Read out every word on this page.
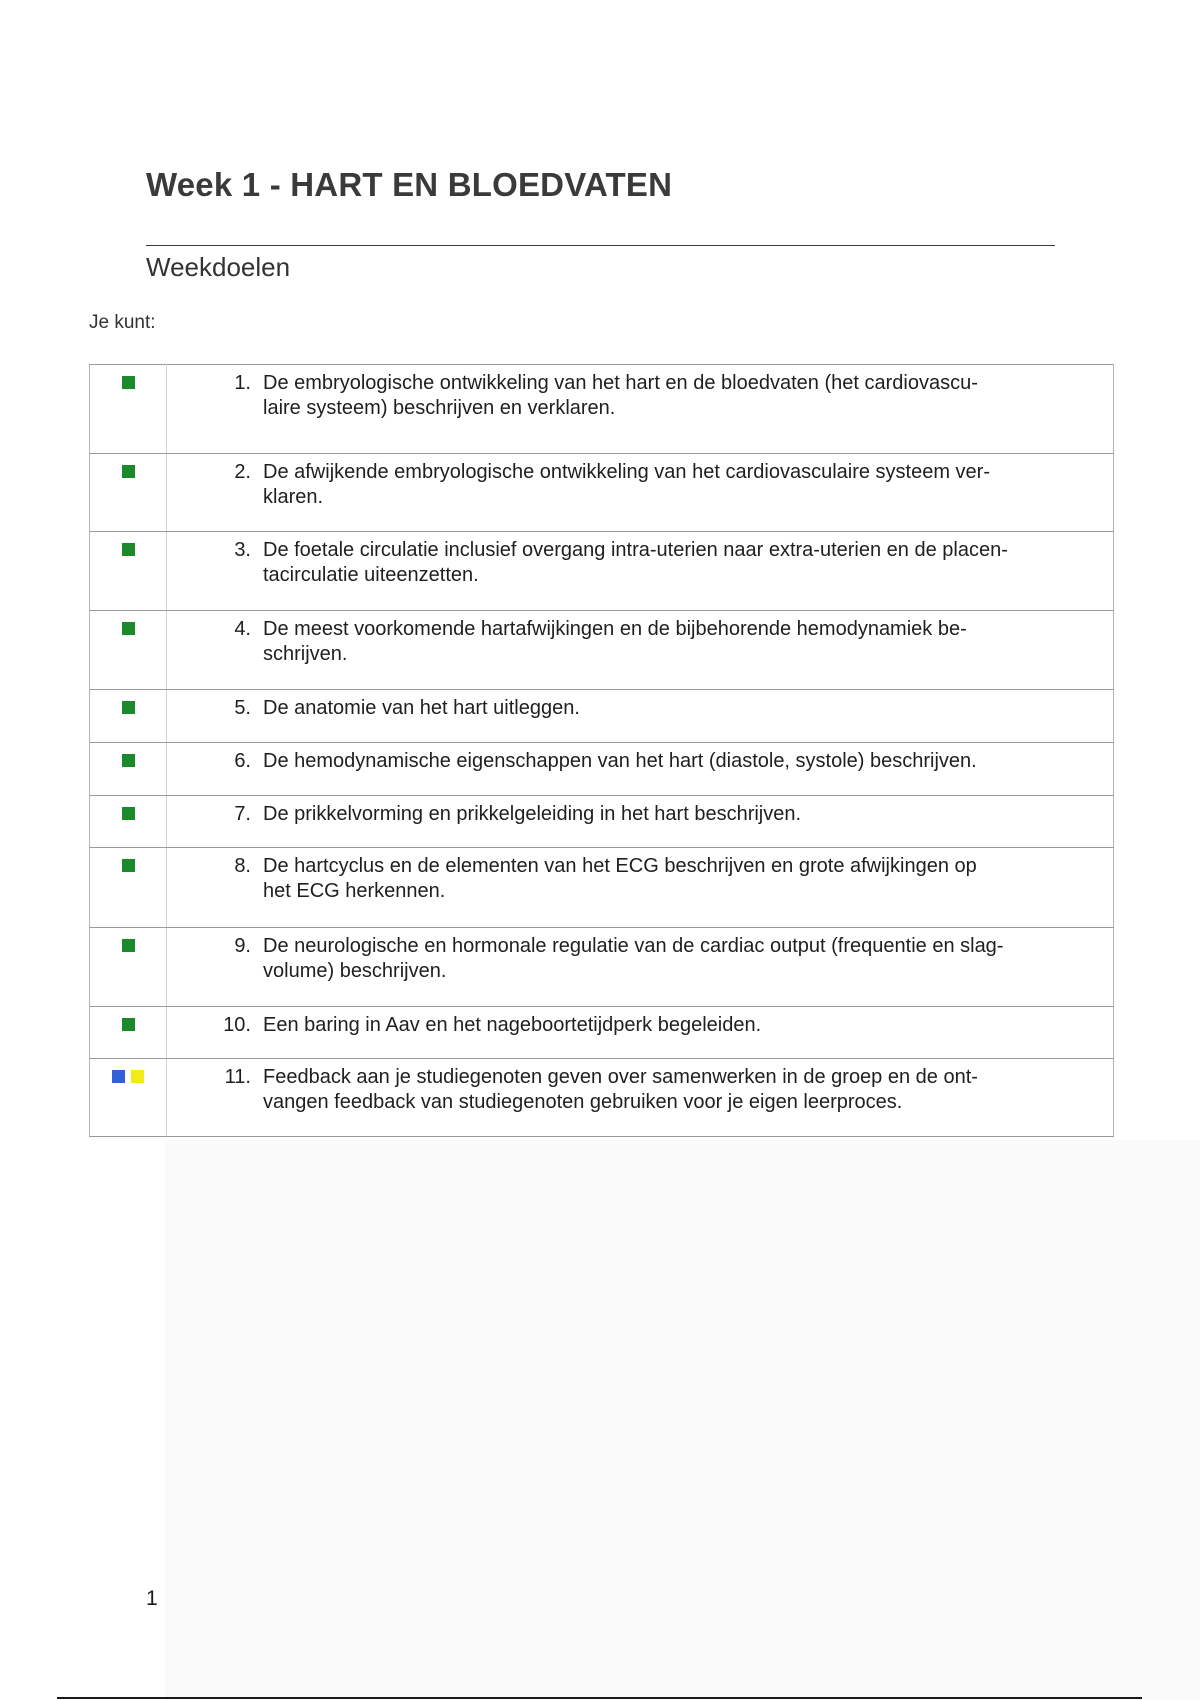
Week 1 - HART EN BLOEDVATEN
Weekdoelen
Je kunt:

	1. De embryologische ontwikkeling van het hart en de bloedvaten (het cardiovascu-
laire systeem) beschrijven en verklaren.

	2. De afwijkende embryologische ontwikkeling van het cardiovasculaire systeem ver-
klaren.

	3. De foetale circulatie inclusief overgang intra-uterien naar extra-uterien en de placen-
tacirculatie uiteenzetten.

	4. De meest voorkomende hartafwijkingen en de bijbehorende hemodynamiek be-
schrijven.

	5. De anatomie van het hart uitleggen.

	6. De hemodynamische eigenschappen van het hart (diastole, systole) beschrijven.

	7. De prikkelvorming en prikkelgeleiding in het hart beschrijven.

	8. De hartcyclus en de elementen van het ECG beschrijven en grote afwijkingen op
het ECG herkennen.

	9. De neurologische en hormonale regulatie van de cardiac output (frequentie en slag-
volume) beschrijven.

	10. Een baring in Aav en het nageboortetijdperk begeleiden.

	11. Feedback aan je studiegenoten geven over samenwerken in de groep en de ont-
vangen feedback van studiegenoten gebruiken voor je eigen leerproces.
1
